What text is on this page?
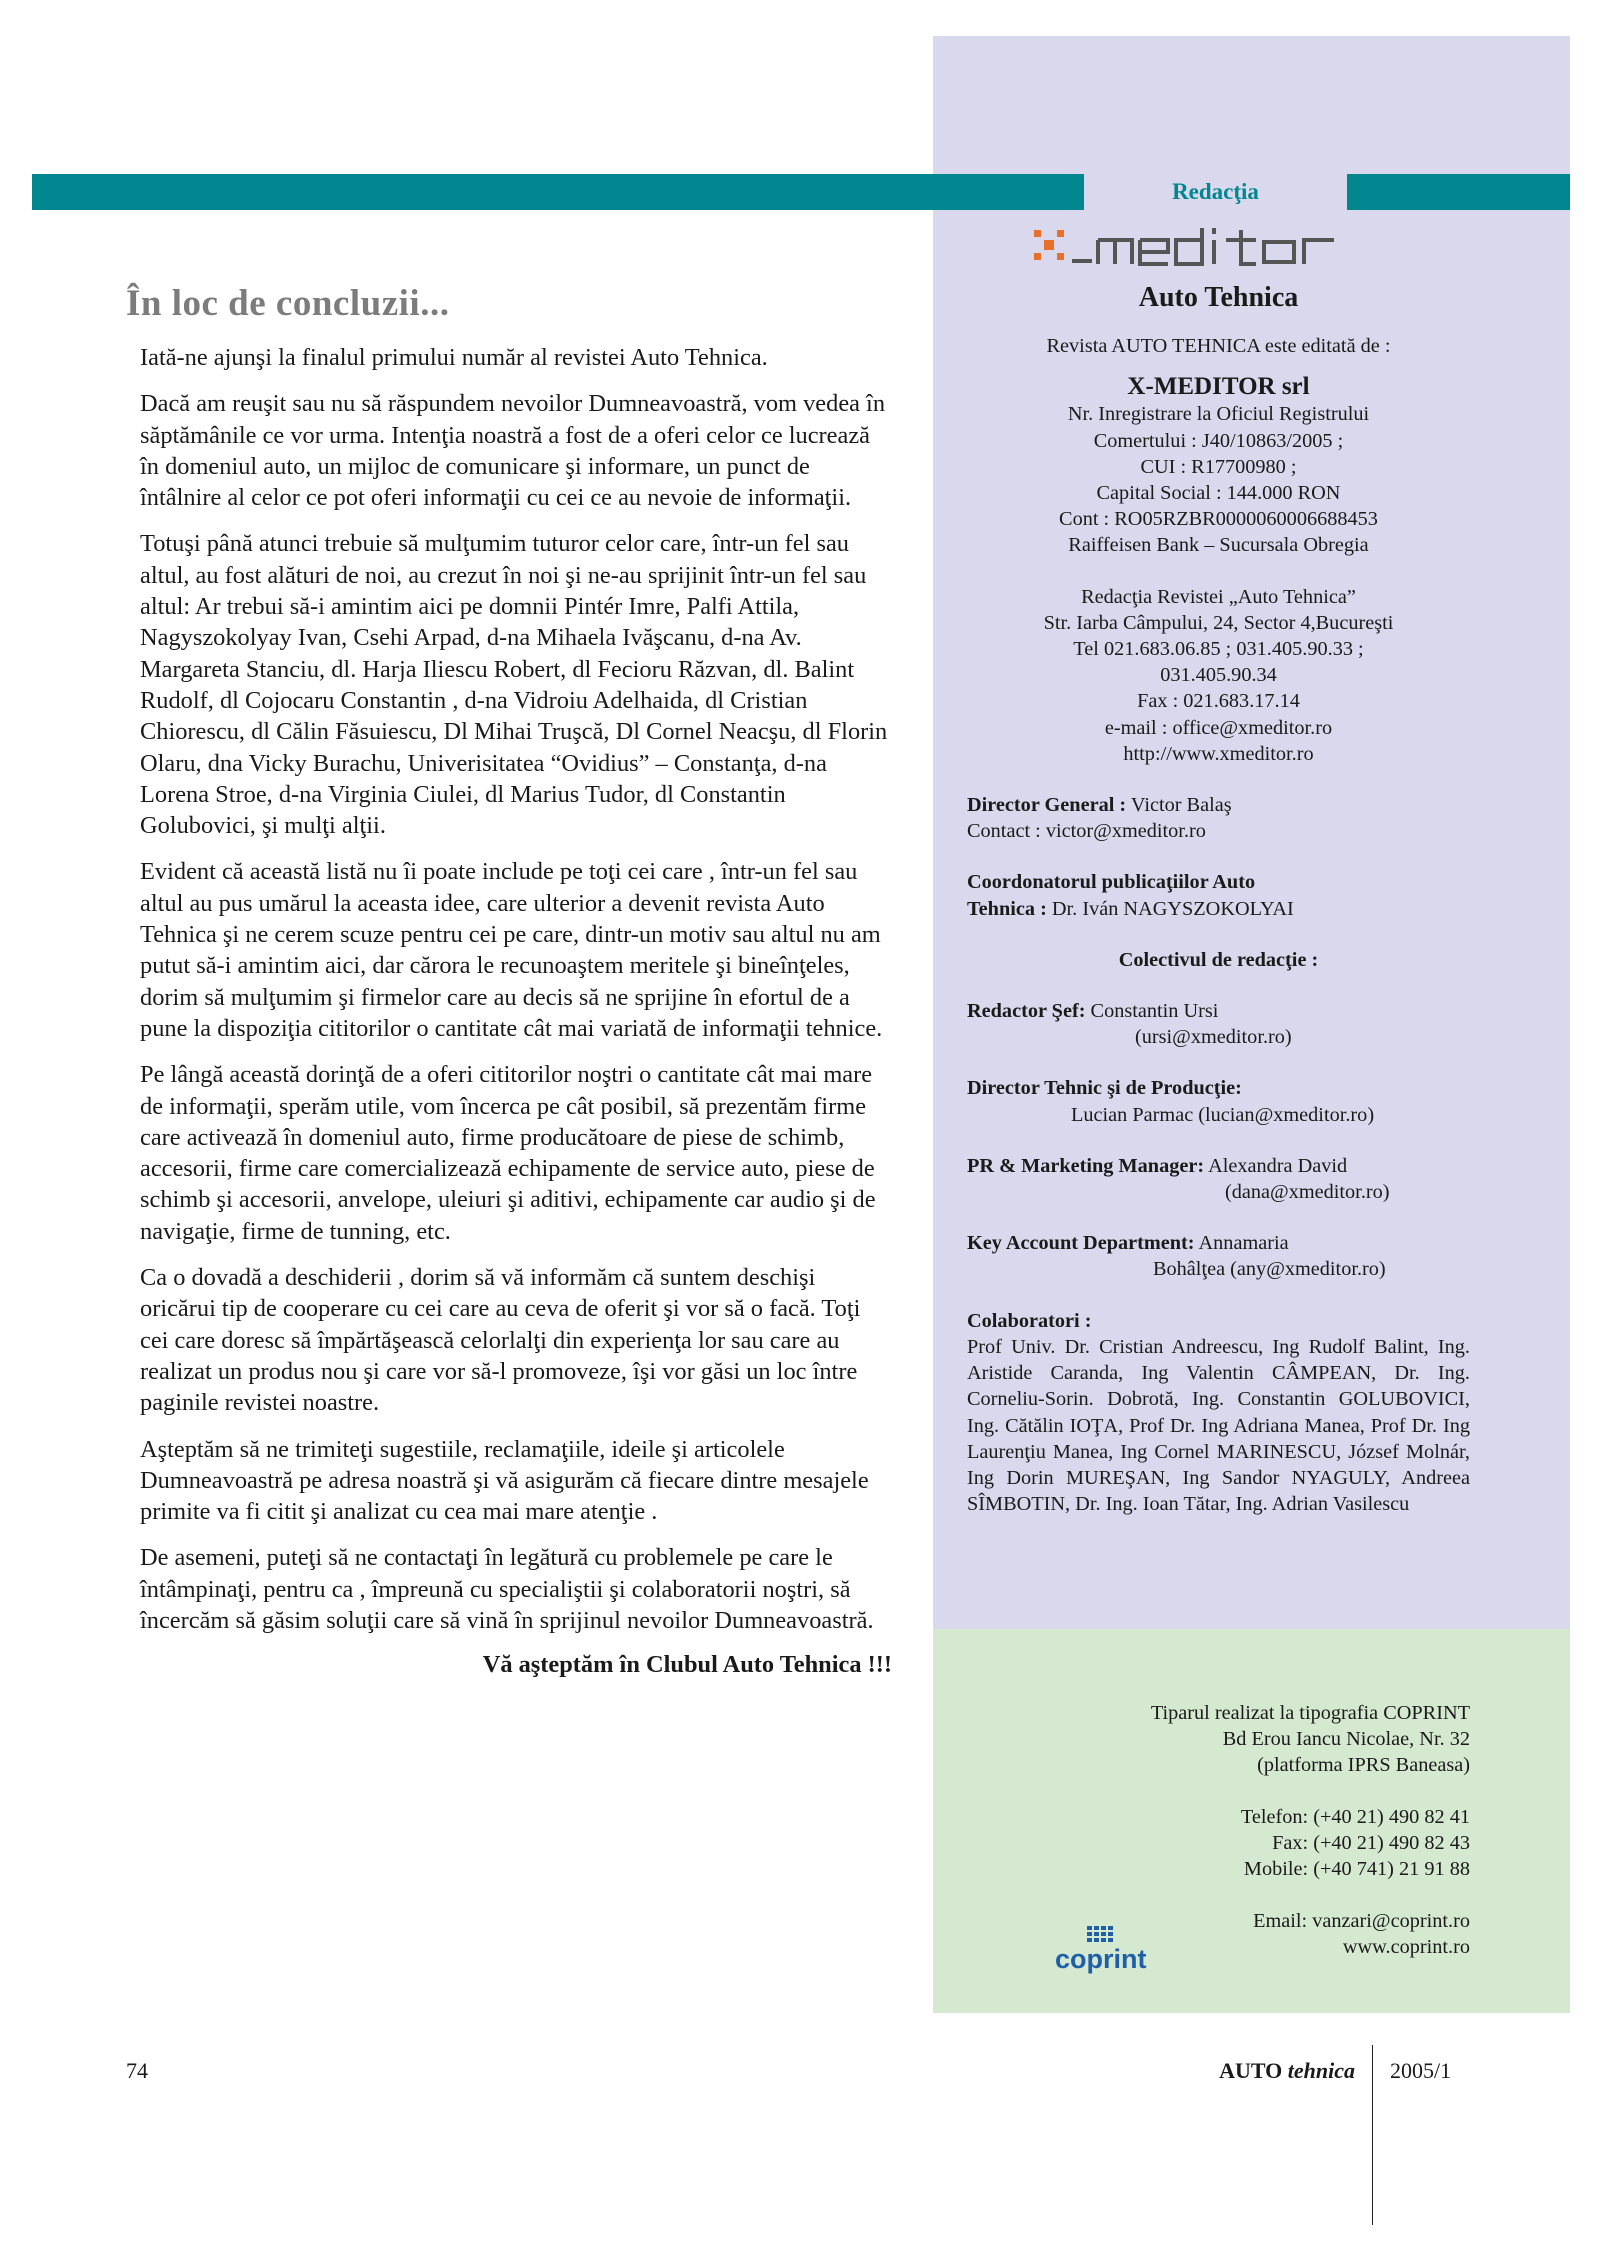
Redacţia
În loc de concluzii...

Iată-ne ajunşi la finalul primului număr al revistei Auto Tehnica.

Dacă am reuşit sau nu să răspundem nevoilor Dumneavoastră, vom vedea în săptămânile ce vor urma. Intenţia noastră a fost de a oferi celor ce lucrează în domeniul auto, un mijloc de comunicare şi informare, un punct de întâlnire al celor ce pot oferi informaţii cu cei ce au nevoie de informaţii.

Totuşi până atunci trebuie să mulţumim tuturor celor care, într-un fel sau altul, au fost alături de noi, au crezut în noi şi ne-au sprijinit într-un fel sau altul: Ar trebui să-i amintim aici pe domnii Pintér Imre, Palfi Attila, Nagyszokolyay Ivan, Csehi Arpad, d-na Mihaela Ivăşcanu, d-na Av. Margareta Stanciu, dl. Harja Iliescu Robert, dl Fecioru Răzvan, dl. Balint Rudolf, dl Cojocaru Constantin , d-na Vidroiu Adelhaida, dl Cristian Chiorescu, dl Călin Făsuiescu, Dl Mihai Truşcă, Dl Cornel Neacşu, dl Florin Olaru, dna Vicky Burachu, Univerisitatea “Ovidius” – Constanţa, d-na Lorena Stroe, d-na Virginia Ciulei, dl Marius Tudor, dl Constantin Golubovici, şi mulţi alţii.

Evident că această listă nu îi poate include pe toţi cei care , într-un fel sau altul au pus umărul la aceasta idee, care ulterior a devenit revista Auto Tehnica şi ne cerem scuze pentru cei pe care, dintr-un motiv sau altul nu am putut să-i amintim aici, dar cărora le recunoaştem meritele şi bineînţeles, dorim să mulţumim şi firmelor care au decis să ne sprijine în efortul de a pune la dispoziţia cititorilor o cantitate cât mai variată de informaţii tehnice.

Pe lângă această dorinţă de a oferi cititorilor noştri o cantitate cât mai mare de informaţii, sperăm utile, vom încerca pe cât posibil, să prezentăm firme care activează în domeniul auto, firme producătoare de piese de schimb, accesorii, firme care comercializează echipamente de service auto, piese de schimb şi accesorii, anvelope, uleiuri şi aditivi, echipamente car audio şi de navigaţie, firme de tunning, etc.

Ca o dovadă a deschiderii , dorim să vă informăm că suntem deschişi oricărui tip de cooperare cu cei care au ceva de oferit şi vor să o facă. Toţi cei care doresc să împărtăşească celorlalţi din experienţa lor sau care au realizat un produs nou şi care vor să-l promoveze, îşi vor găsi un loc între paginile revistei noastre.

Aşteptăm să ne trimiteţi sugestiile, reclamaţiile, ideile şi articolele Dumneavoastră pe adresa noastră şi vă asigurăm că fiecare dintre mesajele primite va fi citit şi analizat cu cea mai mare atenţie .

De asemeni, puteţi să ne contactaţi în legătură cu problemele pe care le întâmpinaţi, pentru ca , împreună cu specialiştii şi colaboratorii noştri, să încercăm să găsim soluţii care să vină în sprijinul nevoilor Dumneavoastră.

Vă aşteptăm în Clubul Auto Tehnica !!!
Auto Tehnica
Revista AUTO TEHNICA este editată de :
X-MEDITOR srl
Nr. Inregistrare la Oficiul Registrului
Comertului : J40/10863/2005 ;
CUI : R17700980 ;
Capital Social : 144.000 RON
Cont : RO05RZBR0000060006688453
Raiffeisen Bank – Sucursala Obregia
Redacţia Revistei „Auto Tehnica”
Str. Iarba Câmpului, 24, Sector 4,Bucureşti
Tel 021.683.06.85 ; 031.405.90.33 ;
031.405.90.34
Fax : 021.683.17.14
e-mail : office@xmeditor.ro
http://www.xmeditor.ro
Director General : Victor Balaş
Contact : victor@xmeditor.ro
Coordonatorul publicaţiilor Auto
Tehnica : Dr. Iván NAGYSZOKOLYAI
Colectivul de redacţie :
Redactor Şef: Constantin Ursi
(ursi@xmeditor.ro)
Director Tehnic şi de Producţie:
Lucian Parmac (lucian@xmeditor.ro)
PR & Marketing Manager: Alexandra David
(dana@xmeditor.ro)
Key Account Department: Annamaria
Bohâlţea (any@xmeditor.ro)
Colaboratori :
Prof Univ. Dr. Cristian Andreescu, Ing Rudolf Balint, Ing. Aristide Caranda, Ing Valentin CÂMPEAN, Dr. Ing. Corneliu-Sorin. Dobrotă, Ing. Constantin GOLUBOVICI, Ing. Cătălin IOŢA, Prof Dr. Ing Adriana Manea, Prof Dr. Ing Laurenţiu Manea, Ing Cornel MARINESCU, József Molnár, Ing Dorin MUREŞAN, Ing Sandor NYAGULY, Andreea SÎMBOTIN, Dr. Ing. Ioan Tătar, Ing. Adrian Vasilescu
Tiparul realizat la tipografia COPRINT
Bd Erou Iancu Nicolae, Nr. 32
(platforma IPRS Baneasa)
Telefon: (+40 21) 490 82 41
Fax: (+40 21) 490 82 43
Mobile: (+40 741) 21 91 88
Email: vanzari@coprint.ro
www.coprint.ro
coprint
74	AUTO tehnica 2005/1
